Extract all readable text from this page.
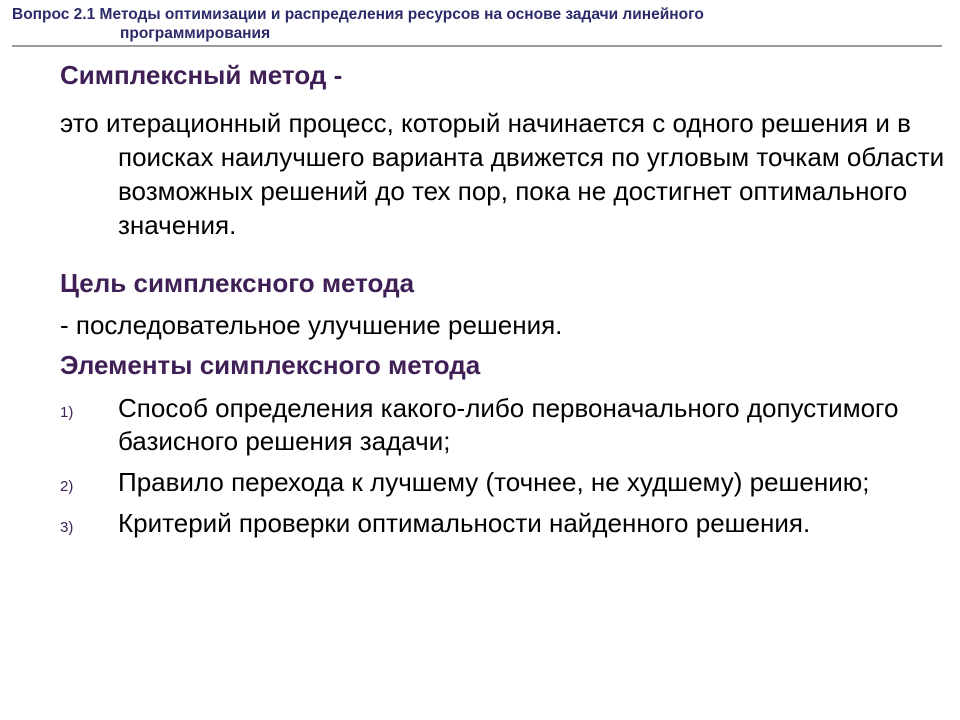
Вопрос 2.1 Методы оптимизации и распределения ресурсов на основе задачи линейного
программирования
Симплексный метод -
это итерационный процесс, который начинается с одного решения и в поисках наилучшего варианта движется по угловым точкам области возможных решений до тех пор, пока не достигнет оптимального значения.
Цель симплексного метода
- последовательное улучшение решения.
Элементы симплексного метода
1) Способ определения какого-либо первоначального допустимого базисного решения задачи;
2) Правило перехода к лучшему (точнее, не худшему) решению;
3) Критерий проверки оптимальности найденного решения.
